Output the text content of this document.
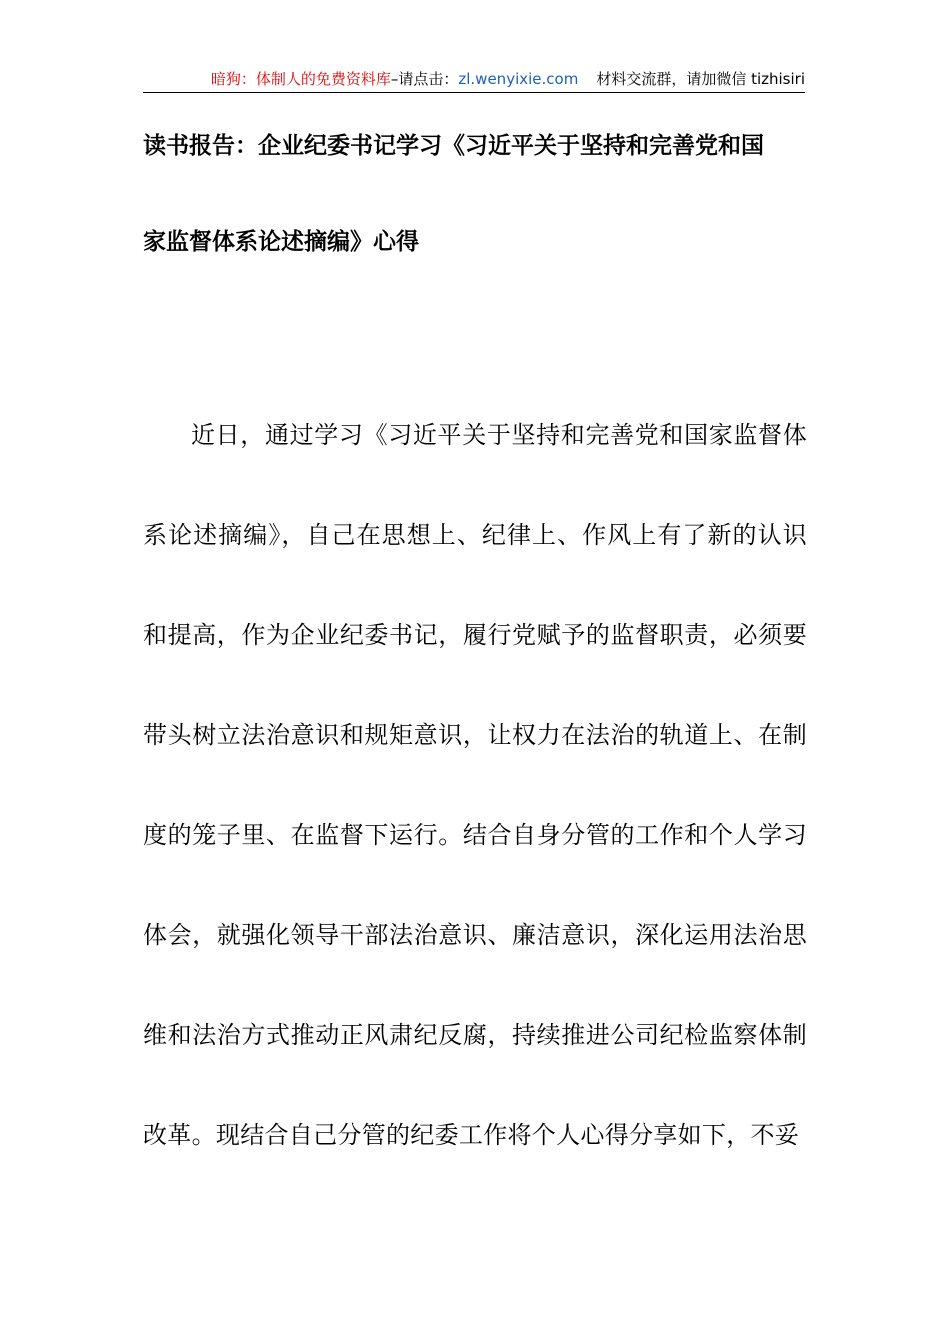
暗狗：体制人的免费资料库–请点击：zl.wenyixie.com 材料交流群，请加微信 tizhisiri
读书报告：企业纪委书记学习《习近平关于坚持和完善党和国
家监督体系论述摘编》心得

近日，通过学习《习近平关于坚持和完善党和国家监督体系论述摘编》，自己在思想上、纪律上、作风上有了新的认识和提高，作为企业纪委书记，履行党赋予的监督职责，必须要带头树立法治意识和规矩意识，让权力在法治的轨道上、在制度的笼子里、在监督下运行。结合自身分管的工作和个人学习体会，就强化领导干部法治意识、廉洁意识，深化运用法治思维和法治方式推动正风肃纪反腐，持续推进公司纪检监察体制改革。现结合自己分管的纪委工作将个人心得分享如下，不妥
